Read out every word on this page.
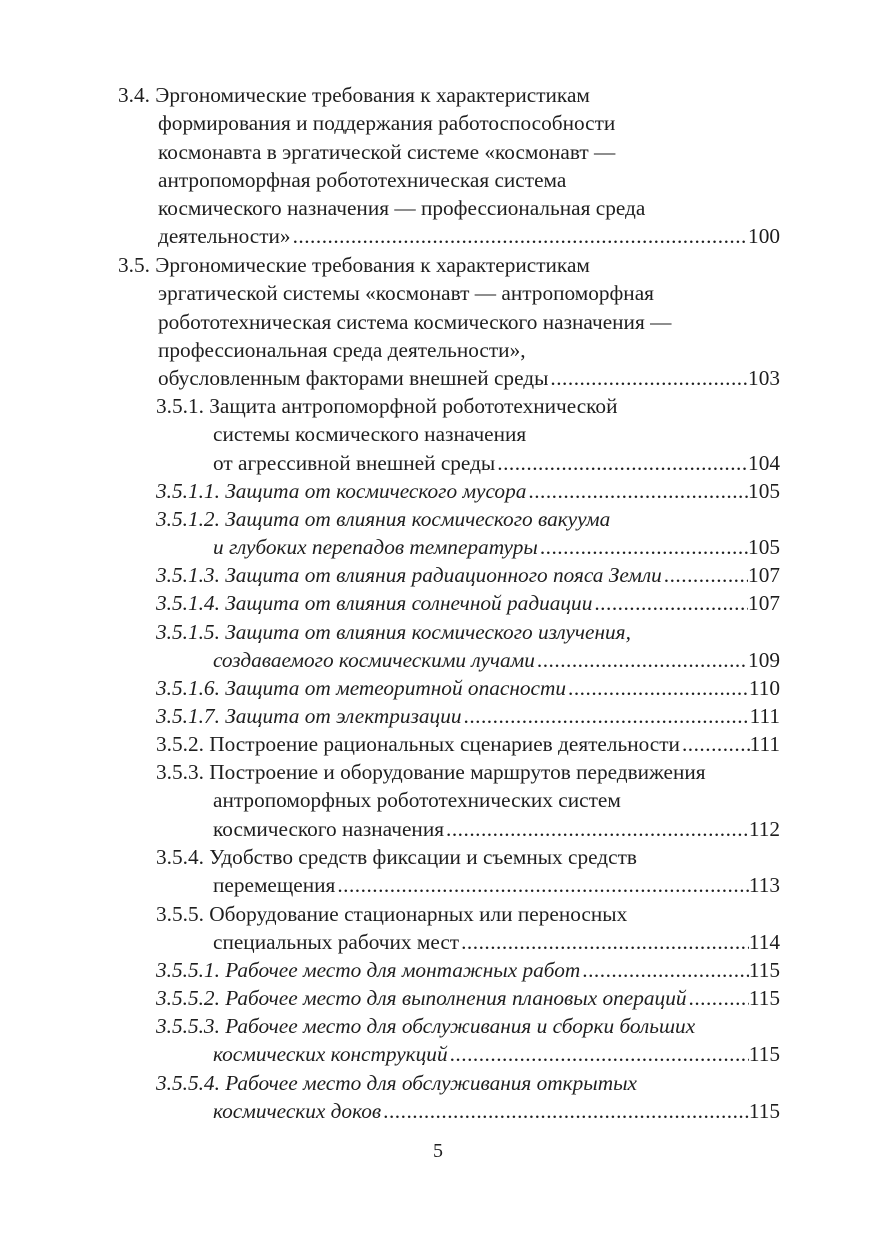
3.4. Эргономические требования к характеристикам
формирования и поддержания работоспособности
космонавта в эргатической системе «космонавт —
антропоморфная робототехническая система
космического назначения — профессиональная среда
деятельности» .....	100
3.5. Эргономические требования к характеристикам
эргатической системы «космонавт — антропоморфная
робототехническая система космического назначения —
профессиональная среда деятельности»,
обусловленным факторами внешней среды .....	103
3.5.1. Защита антропоморфной робототехнической
системы космического назначения
от агрессивной внешней среды .....	104
3.5.1.1. Защита от космического мусора .....	105
3.5.1.2. Защита от влияния космического вакуума
и глубоких перепадов температуры .....	105
3.5.1.3. Защита от влияния радиационного пояса Земли .....	107
3.5.1.4. Защита от влияния солнечной радиации .....	107
3.5.1.5. Защита от влияния космического излучения,
создаваемого космическими лучами .....	109
3.5.1.6. Защита от метеоритной опасности .....	110
3.5.1.7. Защита от электризации .....	111
3.5.2. Построение рациональных сценариев деятельности .....	111
3.5.3. Построение и оборудование маршрутов передвижения
антропоморфных робототехнических систем
космического назначения .....	112
3.5.4. Удобство средств фиксации и съемных средств
перемещения .....	113
3.5.5. Оборудование стационарных или переносных
специальных рабочих мест .....	114
3.5.5.1. Рабочее место для монтажных работ .....	115
3.5.5.2. Рабочее место для выполнения плановых операций .....	115
3.5.5.3. Рабочее место для обслуживания и сборки больших
космических конструкций .....	115
3.5.5.4. Рабочее место для обслуживания открытых
космических доков .....	115
5
